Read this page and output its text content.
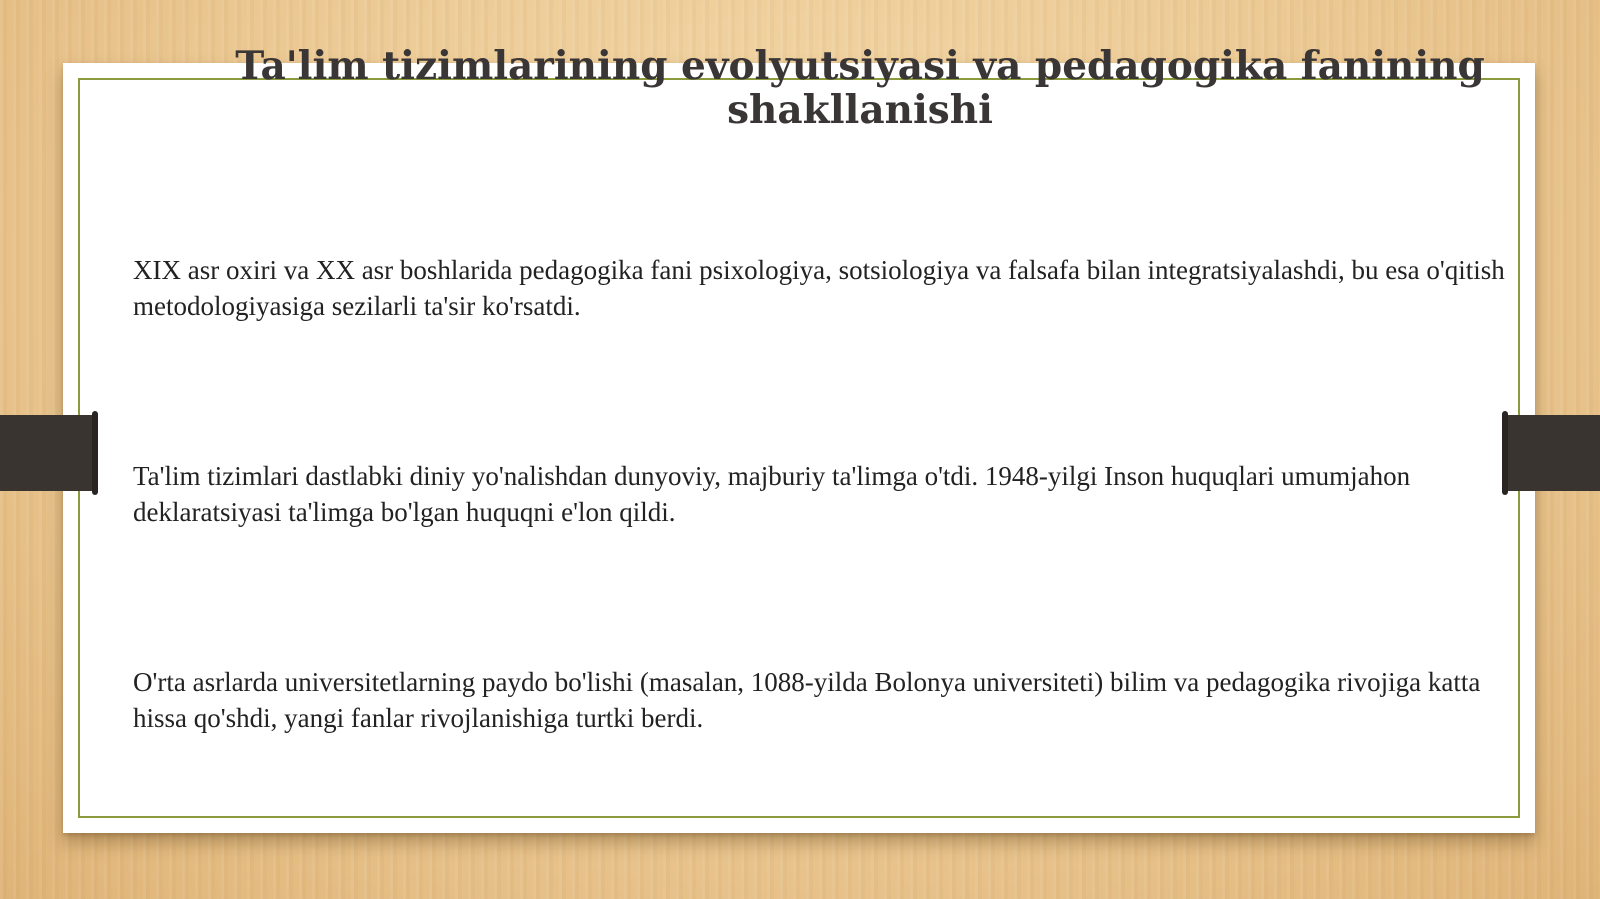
Ta'lim tizimlarining evolyutsiyasi va pedagogika fanining shakllanishi

XIX asr oxiri va XX asr boshlarida pedagogika fani psixologiya, sotsiologiya va falsafa bilan integratsiyalashdi, bu esa o'qitish metodologiyasiga sezilarli ta'sir ko'rsatdi.

Ta'lim tizimlari dastlabki diniy yo'nalishdan dunyoviy, majburiy ta'limga o'tdi. 1948-yilgi Inson huquqlari umumjahon deklaratsiyasi ta'limga bo'lgan huquqni e'lon qildi.

O'rta asrlarda universitetlarning paydo bo'lishi (masalan, 1088-yilda Bolonya universiteti) bilim va pedagogika rivojiga katta hissa qo'shdi, yangi fanlar rivojlanishiga turtki berdi.
